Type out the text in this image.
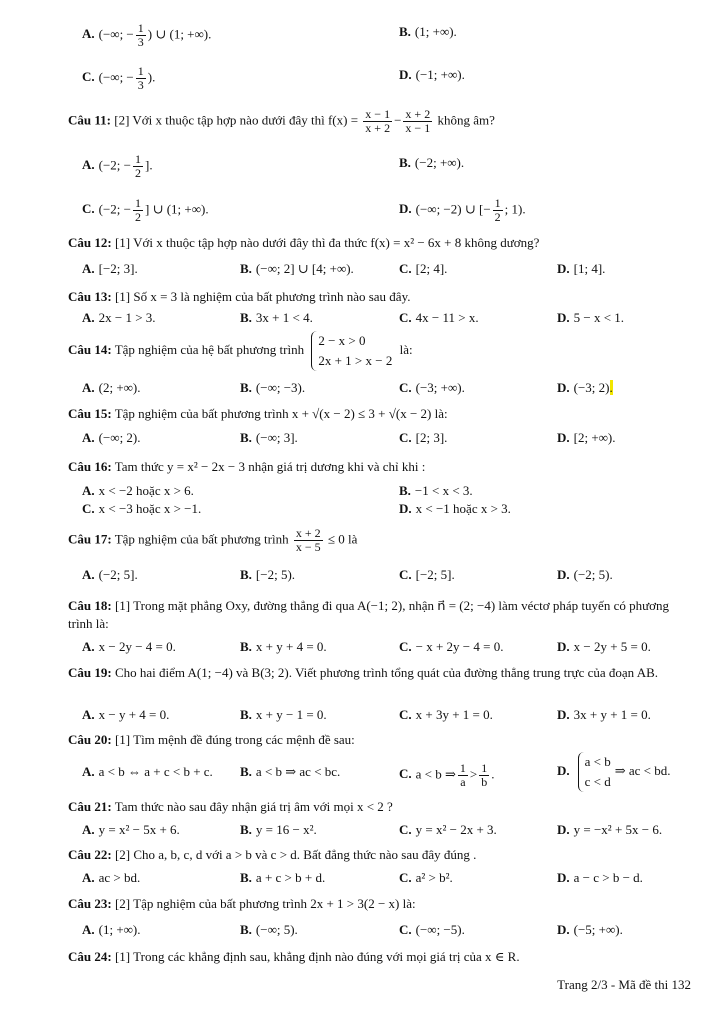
A. (−∞; − $\frac{1}{3}$ ) ∪ (1; +∞).	B. (1; +∞).
C. (−∞; − $\frac{1}{3}$ ).	D. (−1; +∞).
Câu 11: [2] Với x thuộc tập hợp nào dưới đây thì $f(x) = \frac{x - 1}{x + 2} - \frac{x + 2}{x - 1}$ không âm?
A. (−2; − $\frac{1}{2}$ ].	B. (−2; +∞).
C. (−2; − $\frac{1}{2}$ ] ∪ (1; +∞).	D. (−∞; −2) ∪ [− $\frac{1}{2}$ ; 1).
Câu 12: [1] Với x thuộc tập hợp nào dưới đây thì đa thức f(x) = x² − 6x + 8 không dương?
A. [−2; 3].	B. (−∞; 2] ∪ [4; +∞).	C. [2; 4].	D. [1; 4].
Câu 13: [1] Số x = 3 là nghiệm của bất phương trình nào sau đây.
A. 2x − 1 > 3.	B. 3x + 1 < 4.	C. 4x − 11 > x.	D. 5 − x < 1.
Câu 14: Tập nghiệm của hệ bất phương trình 2 − x > 0
2x + 1 > x − 2 là:
A. (2; +∞).	B. (−∞; −3).	C. (−3; +∞).	D. (−3; 2).
Câu 15: Tập nghiệm của bất phương trình x + √(x − 2) ≤ 3 + √(x − 2) là:
A. (−∞; 2).	B. (−∞; 3].	C. [2; 3].	D. [2; +∞).
Câu 16: Tam thức y = x² − 2x − 3 nhận giá trị dương khi và chỉ khi :
A. x < −2 hoặc x > 6.	B. −1 < x < 3.
C. x < −3 hoặc x > −1.	D. x < −1 hoặc x > 3.
Câu 17: Tập nghiệm của bất phương trình $\frac{x + 2}{x - 5} \le 0$ là
A. (−2; 5].	B. [−2; 5).	C. [−2; 5].	D. (−2; 5).
Câu 18: [1] Trong mặt phẳng Oxy, đường thẳng đi qua A(−1; 2), nhận n⃗ = (2; −4) làm véctơ pháp tuyến có phương trình là:
A. x − 2y − 4 = 0.	B. x + y + 4 = 0.	C. − x + 2y − 4 = 0.	D. x − 2y + 5 = 0.
Câu 19: Cho hai điểm A(1; −4) và B(3; 2). Viết phương trình tổng quát của đường thẳng trung trực của đoạn AB.
A. x − y + 4 = 0.	B. x + y − 1 = 0.	C. x + 3y + 1 = 0.	D. 3x + y + 1 = 0.
Câu 20: [1] Tìm mệnh đề đúng trong các mệnh đề sau:
A. a < b ⇔ a + c < b + c. B. a < b ⇒ ac < bc.	C. a < b ⇒ $\frac{1}{a} > \frac{1}{b}$ .	D.a < b
c < d⇒ ac < bd.
Câu 21: Tam thức nào sau đây nhận giá trị âm với mọi x < 2 ?
A. y = x² − 5x + 6.	B. y = 16 − x².	C. y = x² − 2x + 3.	D. y = −x² + 5x − 6.
Câu 22: [2] Cho a, b, c, d với a > b và c > d. Bất đẳng thức nào sau đây đúng .
A. ac > bd.	B. a + c > b + d.	C. a² > b².	D. a − c > b − d.
Câu 23: [2] Tập nghiệm của bất phương trình 2x + 1 > 3(2 − x) là:
A. (1; +∞).	B. (−∞; 5).	C. (−∞; −5).	D. (−5; +∞).
Câu 24: [1] Trong các khẳng định sau, khẳng định nào đúng với mọi giá trị của x ∈ R.
Trang 2/3 - Mã đề thi 132
